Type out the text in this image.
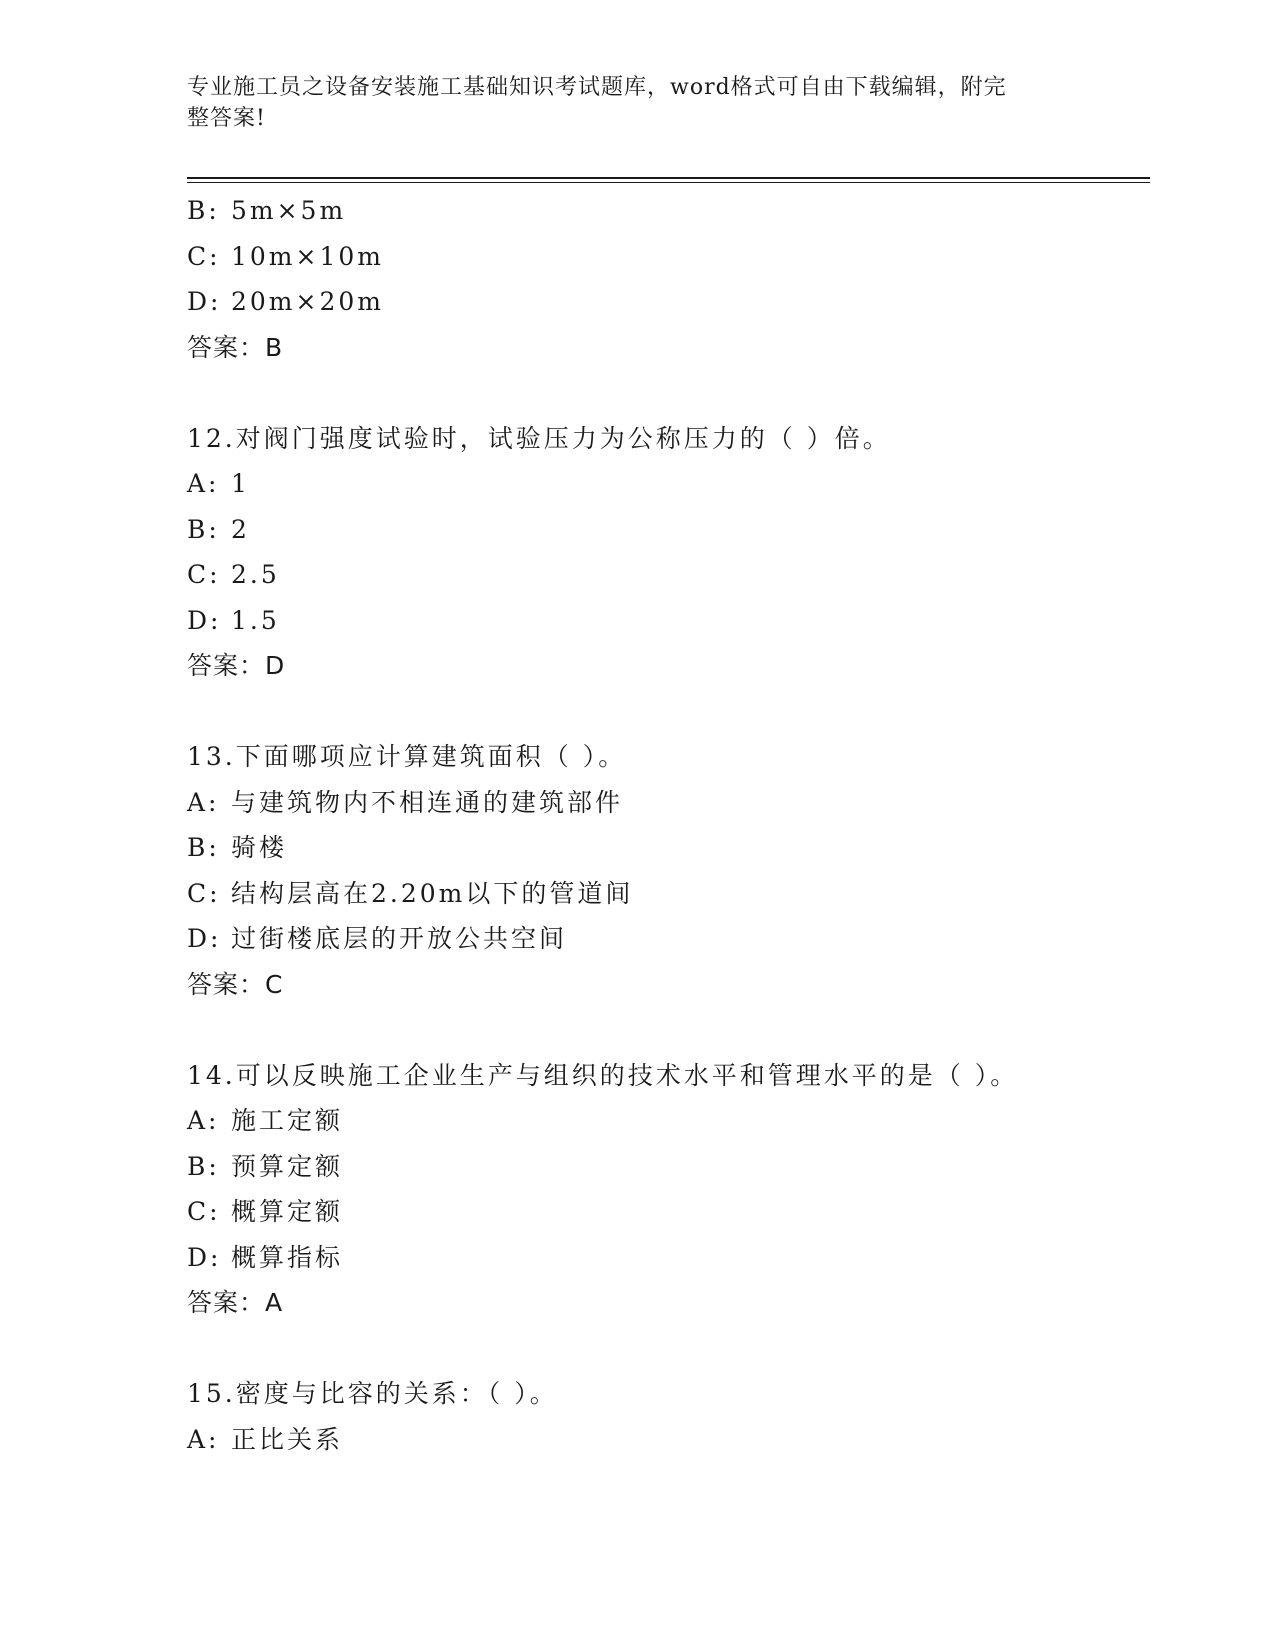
专业施工员之设备安装施工基础知识考试题库，word格式可自由下载编辑，附完
整答案!
B: 5m×5m
C: 10m×10m
D: 20m×20m
答案：B
12.对阀门强度试验时，试验压力为公称压力的（ ）倍。
A: 1
B: 2
C: 2.5
D: 1.5
答案：D
13.下面哪项应计算建筑面积（ ）。
A: 与建筑物内不相连通的建筑部件
B: 骑楼
C: 结构层高在2.20m以下的管道间
D: 过街楼底层的开放公共空间
答案：C
14.可以反映施工企业生产与组织的技术水平和管理水平的是（ ）。
A: 施工定额
B: 预算定额
C: 概算定额
D: 概算指标
答案：A
15.密度与比容的关系：（ ）。
A: 正比关系
